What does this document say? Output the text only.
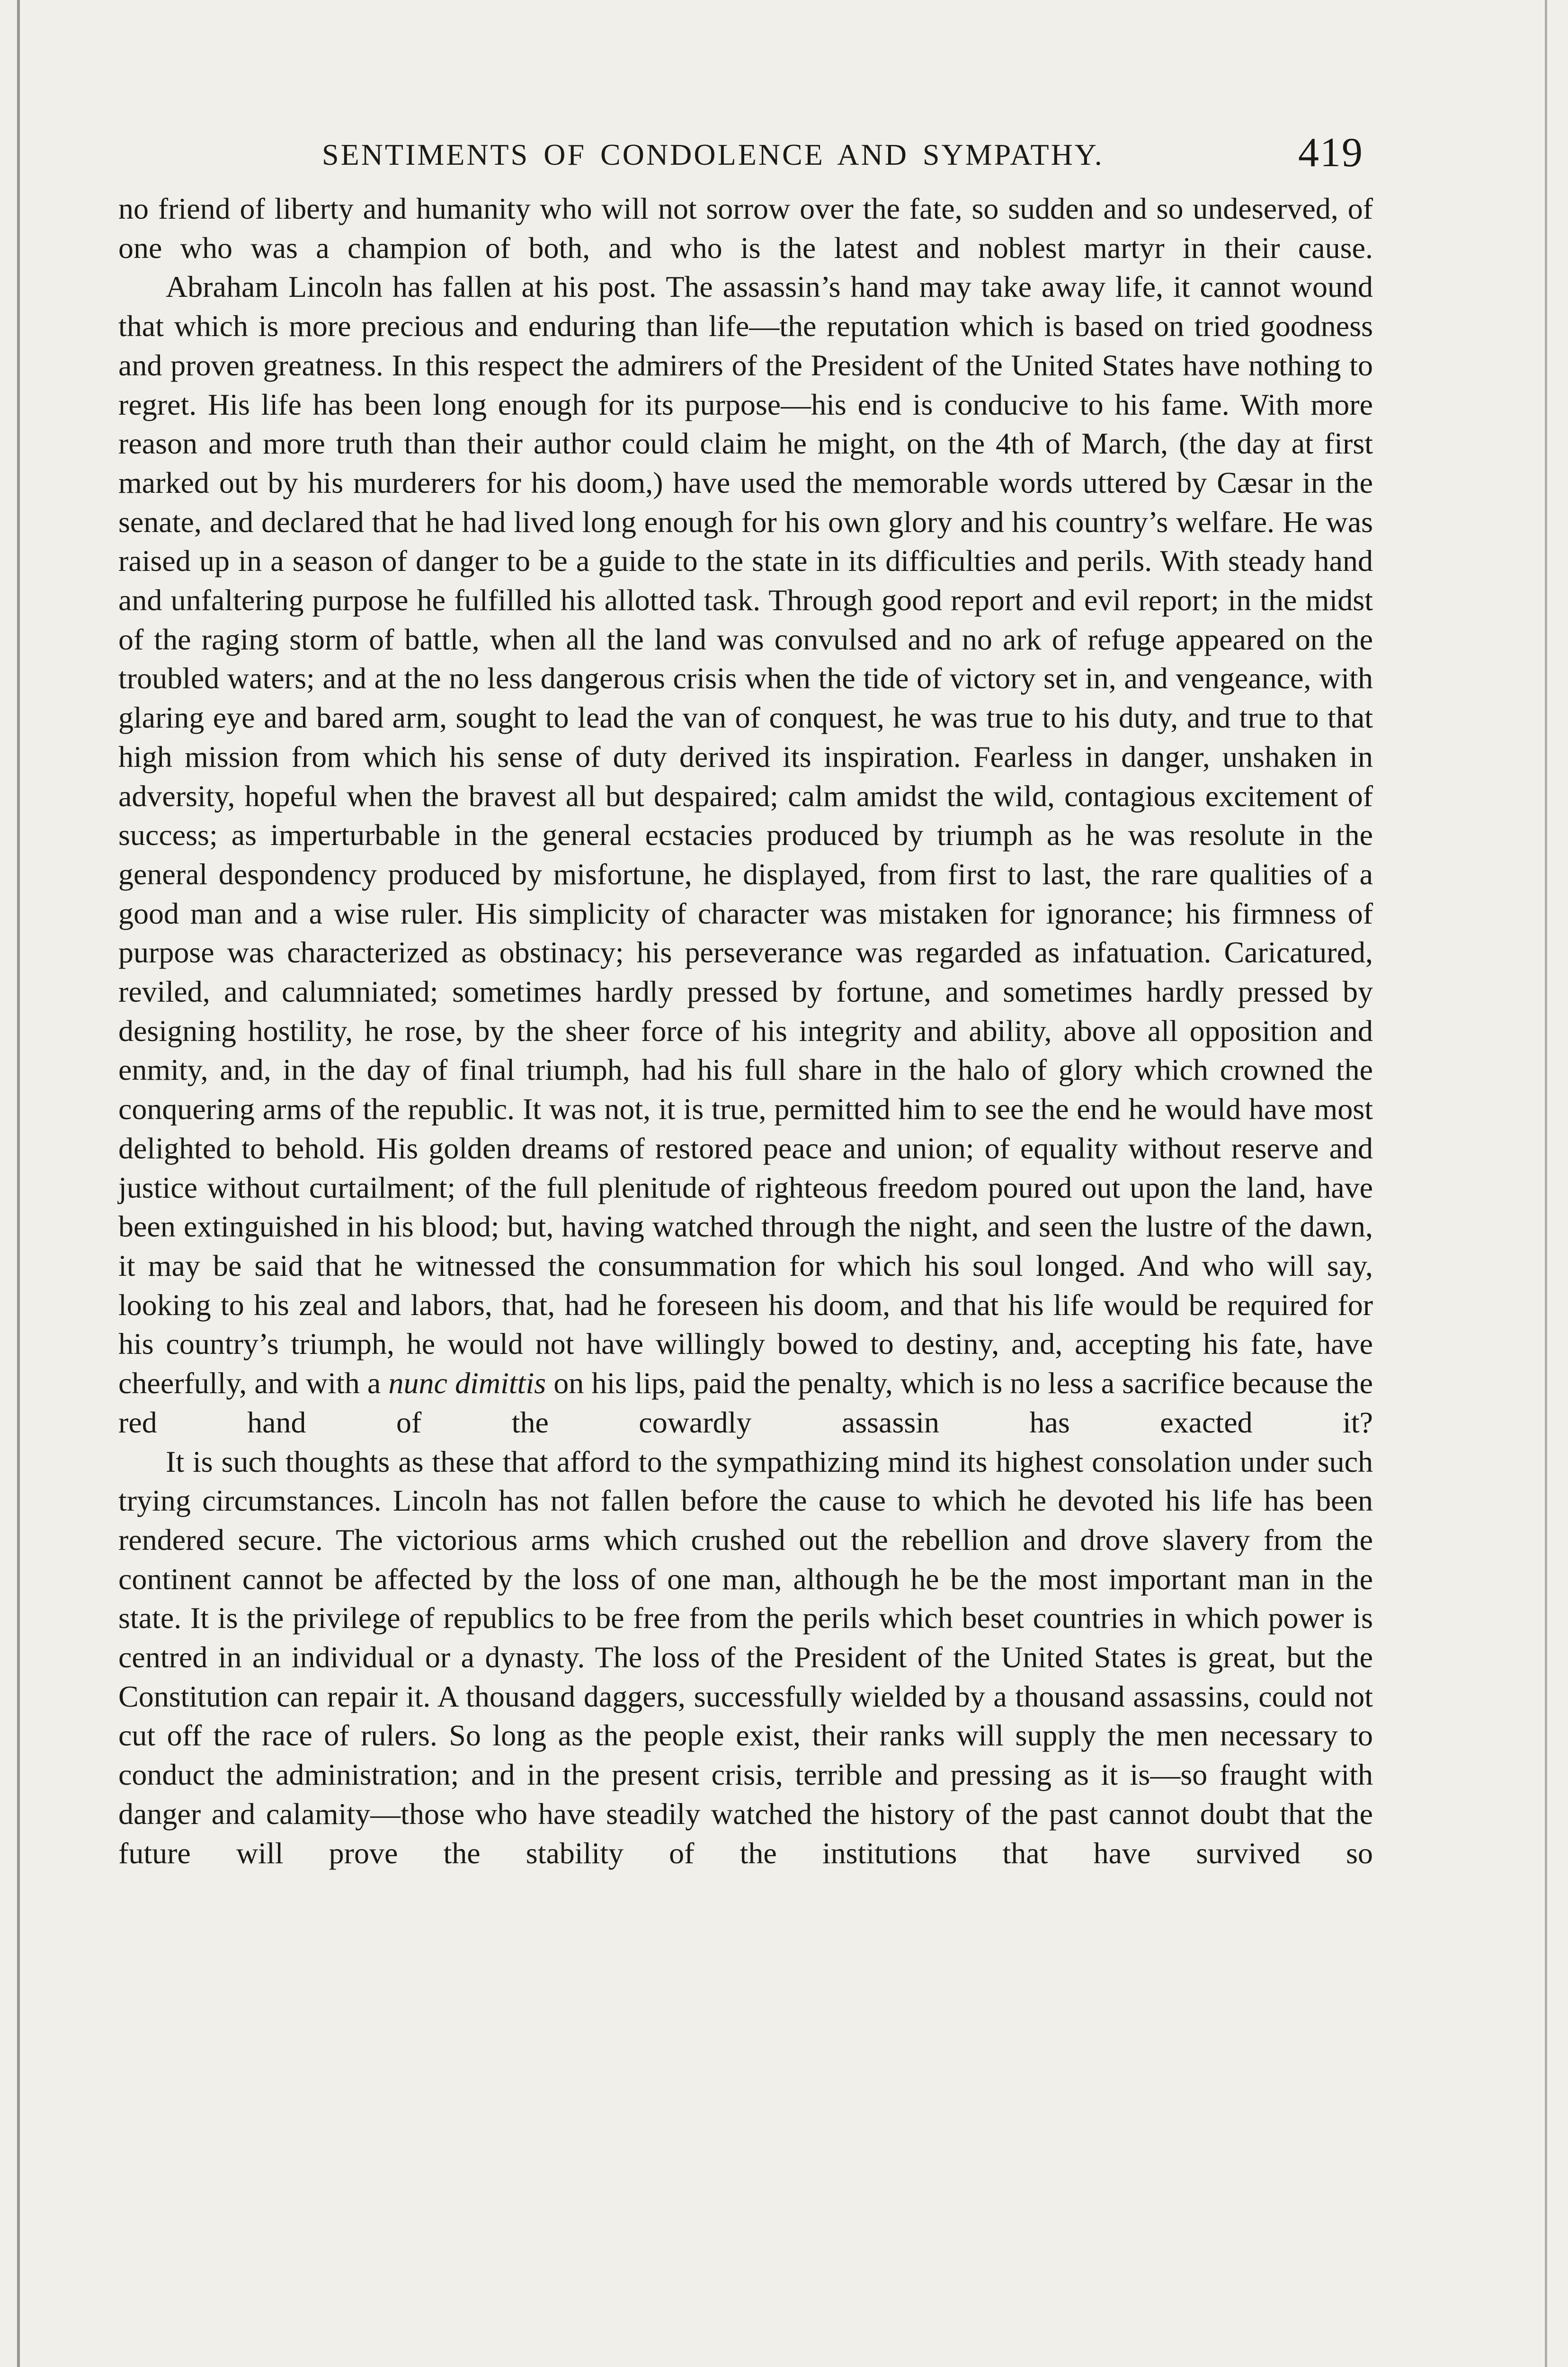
SENTIMENTS OF CONDOLENCE AND SYMPATHY.	419

no friend of liberty and humanity who will not sorrow over the fate, so sudden and so undeserved, of one who was a champion of both, and who is the latest and noblest martyr in their cause.

Abraham Lincoln has fallen at his post. The assassin’s hand may take away life, it cannot wound that which is more precious and enduring than life—the reputation which is based on tried goodness and proven greatness. In this respect the admirers of the President of the United States have nothing to regret. His life has been long enough for its purpose—his end is conducive to his fame. With more reason and more truth than their author could claim he might, on the 4th of March, (the day at first marked out by his murderers for his doom,) have used the memorable words uttered by Cæsar in the senate, and declared that he had lived long enough for his own glory and his country’s welfare. He was raised up in a season of danger to be a guide to the state in its difficulties and perils. With steady hand and unfaltering purpose he fulfilled his allotted task. Through good report and evil report; in the midst of the raging storm of battle, when all the land was convulsed and no ark of refuge appeared on the troubled waters; and at the no less dangerous crisis when the tide of victory set in, and vengeance, with glaring eye and bared arm, sought to lead the van of conquest, he was true to his duty, and true to that high mission from which his sense of duty derived its inspiration. Fearless in danger, unshaken in adversity, hopeful when the bravest all but despaired; calm amidst the wild, contagious excitement of success; as imperturbable in the general ecstacies produced by triumph as he was resolute in the general despondency produced by misfortune, he displayed, from first to last, the rare qualities of a good man and a wise ruler. His simplicity of character was mistaken for ignorance; his firmness of purpose was characterized as obstinacy; his perseverance was regarded as infatuation. Caricatured, reviled, and calumniated; sometimes hardly pressed by fortune, and sometimes hardly pressed by designing hostility, he rose, by the sheer force of his integrity and ability, above all opposition and enmity, and, in the day of final triumph, had his full share in the halo of glory which crowned the conquering arms of the republic. It was not, it is true, permitted him to see the end he would have most delighted to behold. His golden dreams of restored peace and union; of equality without reserve and justice without curtailment; of the full plenitude of righteous freedom poured out upon the land, have been extinguished in his blood; but, having watched through the night, and seen the lustre of the dawn, it may be said that he witnessed the consummation for which his soul longed. And who will say, looking to his zeal and labors, that, had he foreseen his doom, and that his life would be required for his country’s triumph, he would not have willingly bowed to destiny, and, accepting his fate, have cheerfully, and with a nunc dimittis on his lips, paid the penalty, which is no less a sacrifice because the red hand of the cowardly assassin has exacted it?

It is such thoughts as these that afford to the sympathizing mind its highest consolation under such trying circumstances. Lincoln has not fallen before the cause to which he devoted his life has been rendered secure. The victorious arms which crushed out the rebellion and drove slavery from the continent cannot be affected by the loss of one man, although he be the most important man in the state. It is the privilege of republics to be free from the perils which beset countries in which power is centred in an individual or a dynasty. The loss of the President of the United States is great, but the Constitution can repair it. A thousand daggers, successfully wielded by a thousand assassins, could not cut off the race of rulers. So long as the people exist, their ranks will supply the men necessary to conduct the administration; and in the present crisis, terrible and pressing as it is—so fraught with danger and calamity—those who have steadily watched the history of the past cannot doubt that the future will prove the stability of the institutions that have survived so
